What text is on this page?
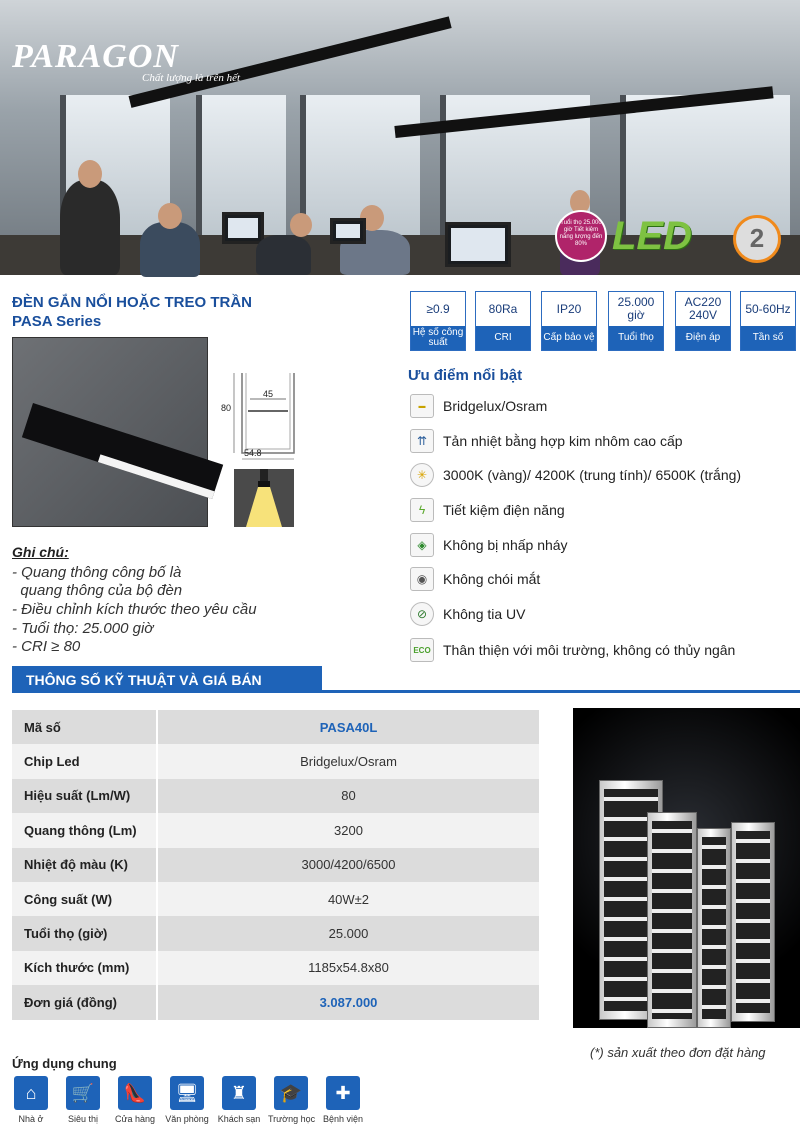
PARAGON
Chất lượng là trên hết
Tuổi thọ 25.000 giờ Tiết kiệm năng lượng đến 80% LED	2
ĐÈN GẮN NỔI HOẶC TREO TRẦN
PASA Series
≥0.9
Hệ số công suất
80Ra
CRI
IP20
Cấp bảo vệ
25.000 giờ
Tuổi thọ
AC220 240V
Điện áp
50-60Hz
Tần số
45
80
54.8
Ghi chú:
- Quang thông công bố là
quang thông của bộ đèn
- Điều chỉnh kích thước theo yêu cầu
- Tuổi thọ: 25.000 giờ
- CRI ≥ 80
Ưu điểm nổi bật
▬	Bridgelux/Osram
⇈	Tản nhiệt bằng hợp kim nhôm cao cấp
✳	3000K (vàng)/ 4200K (trung tính)/ 6500K (trắng)
ϟ	Tiết kiệm điện năng
◈	Không bị nhấp nháy
◉	Không chói mắt
⊘	Không tia UV
ECO Thân thiện với môi trường, không có thủy ngân
THÔNG SỐ KỸ THUẬT VÀ GIÁ BÁN
Mã số	PASA40L
Chip Led	Bridgelux/Osram
Hiệu suất (Lm/W)	80
Quang thông (Lm)	3200
Nhiệt độ màu (K)	3000/4200/6500
Công suất (W)	40W±2
Tuổi thọ (giờ)	25.000
Kích thước (mm)	1185x54.8x80
Đơn giá (đồng)	3.087.000
(*) sản xuất theo đơn đặt hàng
Ứng dụng chung
⌂
Nhà ở
🛒
Siêu thị
👠
Cửa hàng
🖥
Văn phòng
♜
Khách sạn
🎓
Trường học
✚
Bệnh viện
